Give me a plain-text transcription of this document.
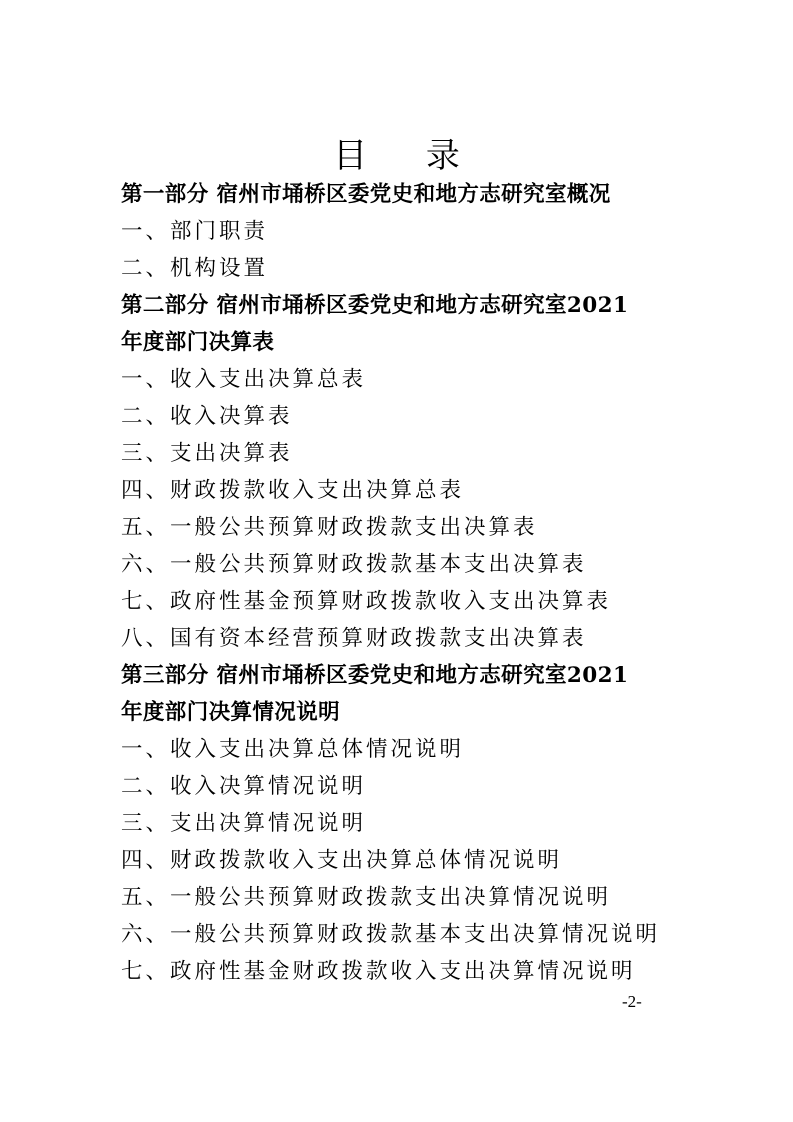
目 录
第一部分 宿州市埇桥区委党史和地方志研究室概况
一、部门职责
二、机构设置
第二部分 宿州市埇桥区委党史和地方志研究室2021
年度部门决算表
一、收入支出决算总表
二、收入决算表
三、支出决算表
四、财政拨款收入支出决算总表
五、一般公共预算财政拨款支出决算表
六、一般公共预算财政拨款基本支出决算表
七、政府性基金预算财政拨款收入支出决算表
八、国有资本经营预算财政拨款支出决算表
第三部分 宿州市埇桥区委党史和地方志研究室2021
年度部门决算情况说明
一、收入支出决算总体情况说明
二、收入决算情况说明
三、支出决算情况说明
四、财政拨款收入支出决算总体情况说明
五、一般公共预算财政拨款支出决算情况说明
六、一般公共预算财政拨款基本支出决算情况说明
七、政府性基金财政拨款收入支出决算情况说明
-2-
